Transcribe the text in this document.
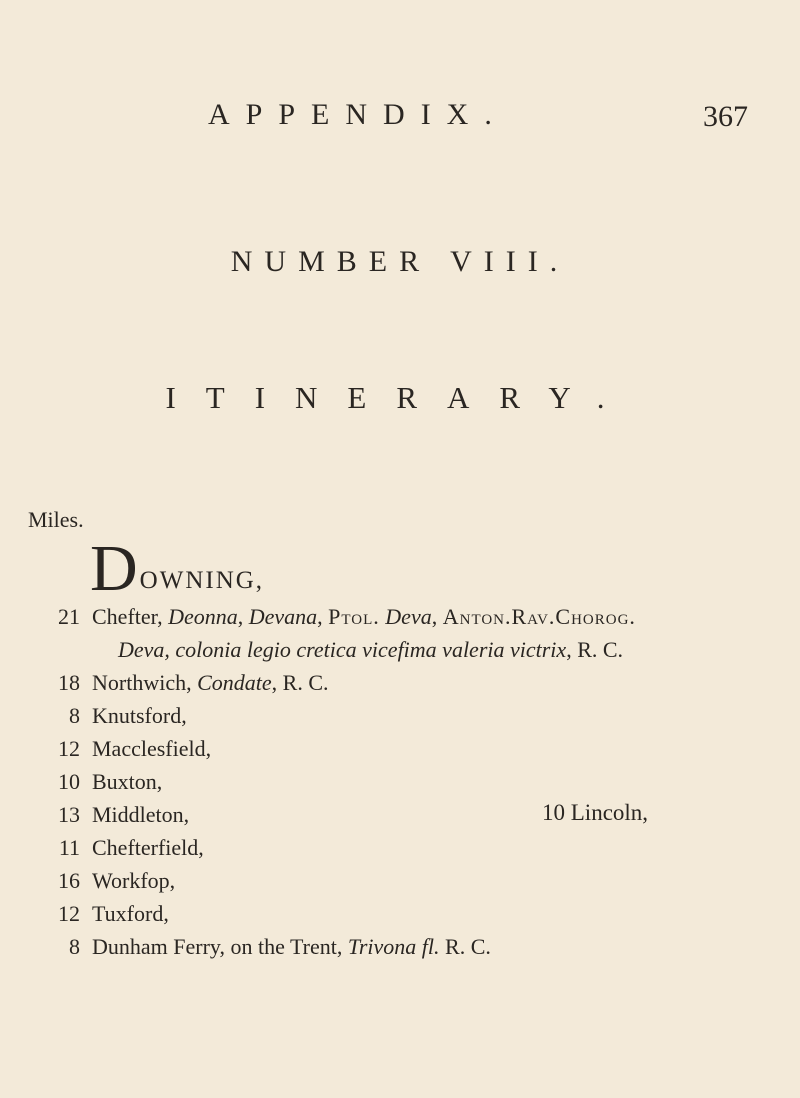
APPENDIX.	367
NUMBER VIII.
ITINERARY.
Miles.
D OWNING,
21 Chefter, Deonna, Devana, Ptol. Deva, Anton.Rav.Chorog.
Deva, colonia legio cretica vicefima valeria victrix, R. C.
18 Northwich, Condate, R. C.
8 Knutsford,
12 Macclesfield,
10 Buxton,
13 Middleton,
11 Chefterfield,
16 Workfop,
12 Tuxford,
8 Dunham Ferry, on the Trent, Trivona fl. R. C.
10 Lincoln,
